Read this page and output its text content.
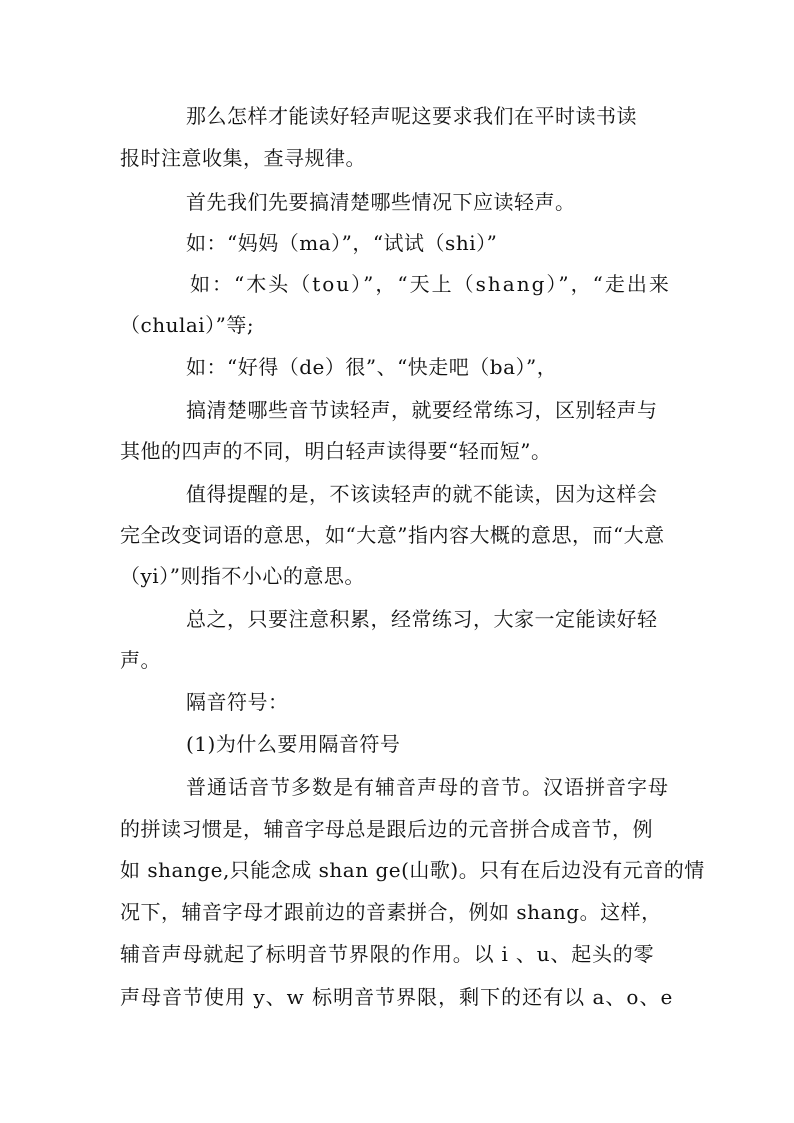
那么怎样才能读好轻声呢这要求我们在平时读书读
报时注意收集，查寻规律。
首先我们先要搞清楚哪些情况下应读轻声。
如：“妈妈（ma）”，“试试（shi）”
如：“木头（tou）”，“天上（shang）”，“走出来
（chulai）”等;
如：“好得（de）很”、“快走吧（ba）”，
搞清楚哪些音节读轻声，就要经常练习，区别轻声与
其他的四声的不同，明白轻声读得要“轻而短”。
值得提醒的是，不该读轻声的就不能读，因为这样会
完全改变词语的意思，如“大意”指内容大概的意思，而“大意
（yi）”则指不小心的意思。
总之，只要注意积累，经常练习，大家一定能读好轻
声。
隔音符号：
(1)为什么要用隔音符号
普通话音节多数是有辅音声母的音节。汉语拼音字母
的拼读习惯是，辅音字母总是跟后边的元音拼合成音节，例
如 shange,只能念成 shan ge(山歌)。只有在后边没有元音的情
况下，辅音字母才跟前边的音素拼合，例如 shang。这样，
辅音声母就起了标明音节界限的作用。以 i 、u、起头的零
声母音节使用 y、w 标明音节界限，剩下的还有以 a、o、e
